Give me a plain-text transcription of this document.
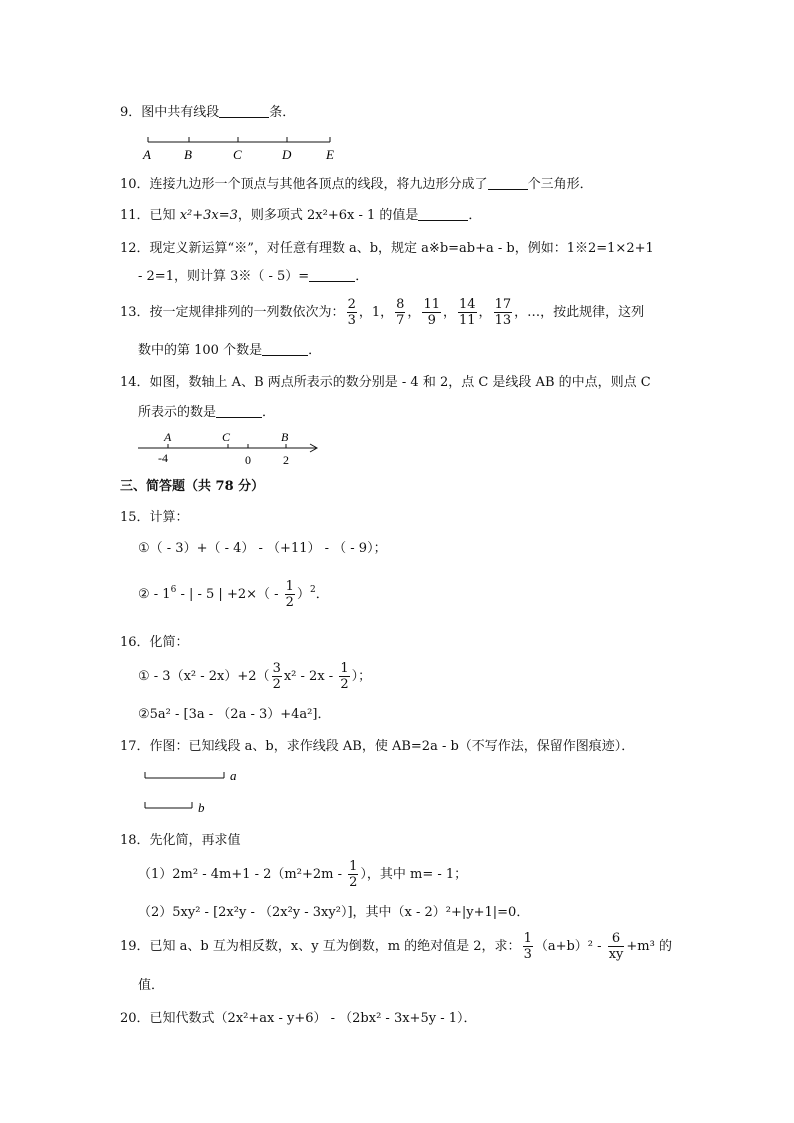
9．图中共有线段	条．
A	B	C	D	E
10．连接九边形一个顶点与其他各顶点的线段，将九边形分成了	个三角形．
11．已知 x²+3x=3，则多项式 2x²+6x - 1 的值是	．
12．现定义新运算“※”，对任意有理数 a、b，规定 a※b=ab+a - b，例如：1※2=1×2+1
- 2=1，则计算 3※（ - 5）=	．
13．按一定规律排列的一列数依次为： $\frac{2}{3}$ ，1， $\frac{8}{7}$ ， $\frac{11}{9}$ ， $\frac{14}{11}$ ， $\frac{17}{13}$ ，…，按此规律，这列
数中的第 100 个数是	．
14．如图，数轴上 A、B 两点所表示的数分别是 - 4 和 2，点 C 是线段 AB 的中点，则点 C
所表示的数是	．
A	C	B
-4	0	2
三、简答题（共 78 分）
15．计算：
①（ - 3）+（ - 4） - （+11） - （ - 9）；
② - $1^6$ - | - 5 | $+2\times( - \frac{1}{2} )^2$．
16．化简：
① - $3(x^2 - 2x)+2( \frac{3}{2} x^2 - 2x - \frac{1}{2}$ ）；
②5a² - [3a - （2a - 3）+4a²]．
17．作图：已知线段 a、b，求作线段 AB，使 AB=2a - b（不写作法，保留作图痕迹）．
a
b
18．先化简，再求值
$(1)2m^2 - 4m+1 - 2(m^2+2m - \frac{1}{2}$ ），其中 m= - 1；
（2）5xy² - [2x²y - （2x²y - 3xy²）]，其中（x - 2）²+|y+1|=0．
19．已知 a、b 互为相反数，x、y 互为倒数，m 的绝对值是 2，求： $\frac{1}{3} (a+b)^2 - \frac{6}{xy} +m^3$ 的
值．
20．已知代数式（2x²+ax - y+6） - （2bx² - 3x+5y - 1）．
